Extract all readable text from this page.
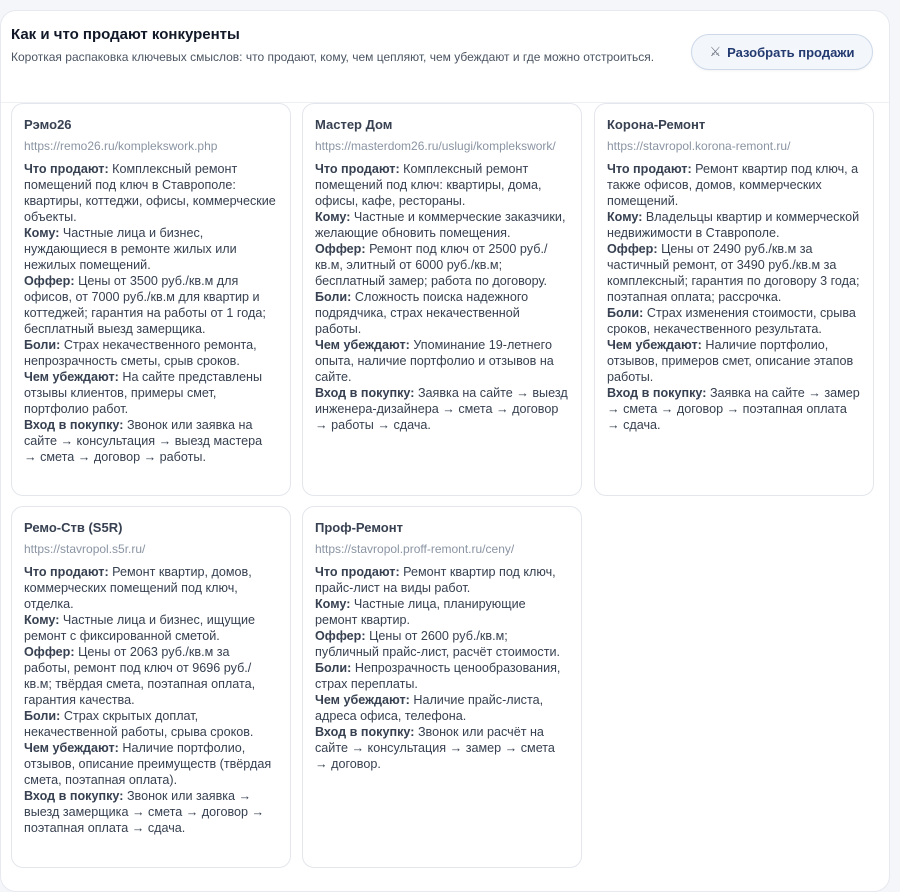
Как и что продают конкуренты
Короткая распаковка ключевых смыслов: что продают, кому, чем цепляют, чем убеждают и где можно отстроиться.	⚔ Разобрать продажи
Рэмо26
https://remo26.ru/komplekswork.php
Что продают: Комплексный ремонт помещений под ключ в Ставрополе: квартиры, коттеджи, офисы, коммерческие объекты.
Кому: Частные лица и бизнес, нуждающиеся в ремонте жилых или нежилых помещений.
Оффер: Цены от 3500 руб./кв.м для офисов, от 7000 руб./кв.м для квартир и коттеджей; гарантия на работы от 1 года; бесплатный выезд замерщика.
Боли: Страх некачественного ремонта, непрозрачность сметы, срыв сроков.
Чем убеждают: На сайте представлены отзывы клиентов, примеры смет, портфолио работ.
Вход в покупку: Звонок или заявка на сайте → консультация → выезд мастера → смета → договор → работы.
Мастер Дом
https://masterdom26.ru/uslugi/komplekswork/
Что продают: Комплексный ремонт помещений под ключ: квартиры, дома, офисы, кафе, рестораны.
Кому: Частные и коммерческие заказчики, желающие обновить помещения.
Оффер: Ремонт под ключ от 2500 руб./кв.м, элитный от 6000 руб./кв.м; бесплатный замер; работа по договору.
Боли: Сложность поиска надежного подрядчика, страх некачественной работы.
Чем убеждают: Упоминание 19-летнего опыта, наличие портфолио и отзывов на сайте.
Вход в покупку: Заявка на сайте → выезд инженера-дизайнера → смета → договор → работы → сдача.
Корона-Ремонт
https://stavropol.korona-remont.ru/
Что продают: Ремонт квартир под ключ, а также офисов, домов, коммерческих помещений.
Кому: Владельцы квартир и коммерческой недвижимости в Ставрополе.
Оффер: Цены от 2490 руб./кв.м за частичный ремонт, от 3490 руб./кв.м за комплексный; гарантия по договору 3 года; поэтапная оплата; рассрочка.
Боли: Страх изменения стоимости, срыва сроков, некачественного результата.
Чем убеждают: Наличие портфолио, отзывов, примеров смет, описание этапов работы.
Вход в покупку: Заявка на сайте → замер → смета → договор → поэтапная оплата → сдача.
Ремо-Ств (S5R)
https://stavropol.s5r.ru/
Что продают: Ремонт квартир, домов, коммерческих помещений под ключ, отделка.
Кому: Частные лица и бизнес, ищущие ремонт с фиксированной сметой.
Оффер: Цены от 2063 руб./кв.м за работы, ремонт под ключ от 9696 руб./кв.м; твёрдая смета, поэтапная оплата, гарантия качества.
Боли: Страх скрытых доплат, некачественной работы, срыва сроков.
Чем убеждают: Наличие портфолио, отзывов, описание преимуществ (твёрдая смета, поэтапная оплата).
Вход в покупку: Звонок или заявка → выезд замерщика → смета → договор → поэтапная оплата → сдача.
Проф-Ремонт
https://stavropol.proff-remont.ru/ceny/
Что продают: Ремонт квартир под ключ, прайс-лист на виды работ.
Кому: Частные лица, планирующие ремонт квартир.
Оффер: Цены от 2600 руб./кв.м; публичный прайс-лист, расчёт стоимости.
Боли: Непрозрачность ценообразования, страх переплаты.
Чем убеждают: Наличие прайс-листа, адреса офиса, телефона.
Вход в покупку: Звонок или расчёт на сайте → консультация → замер → смета → договор.
